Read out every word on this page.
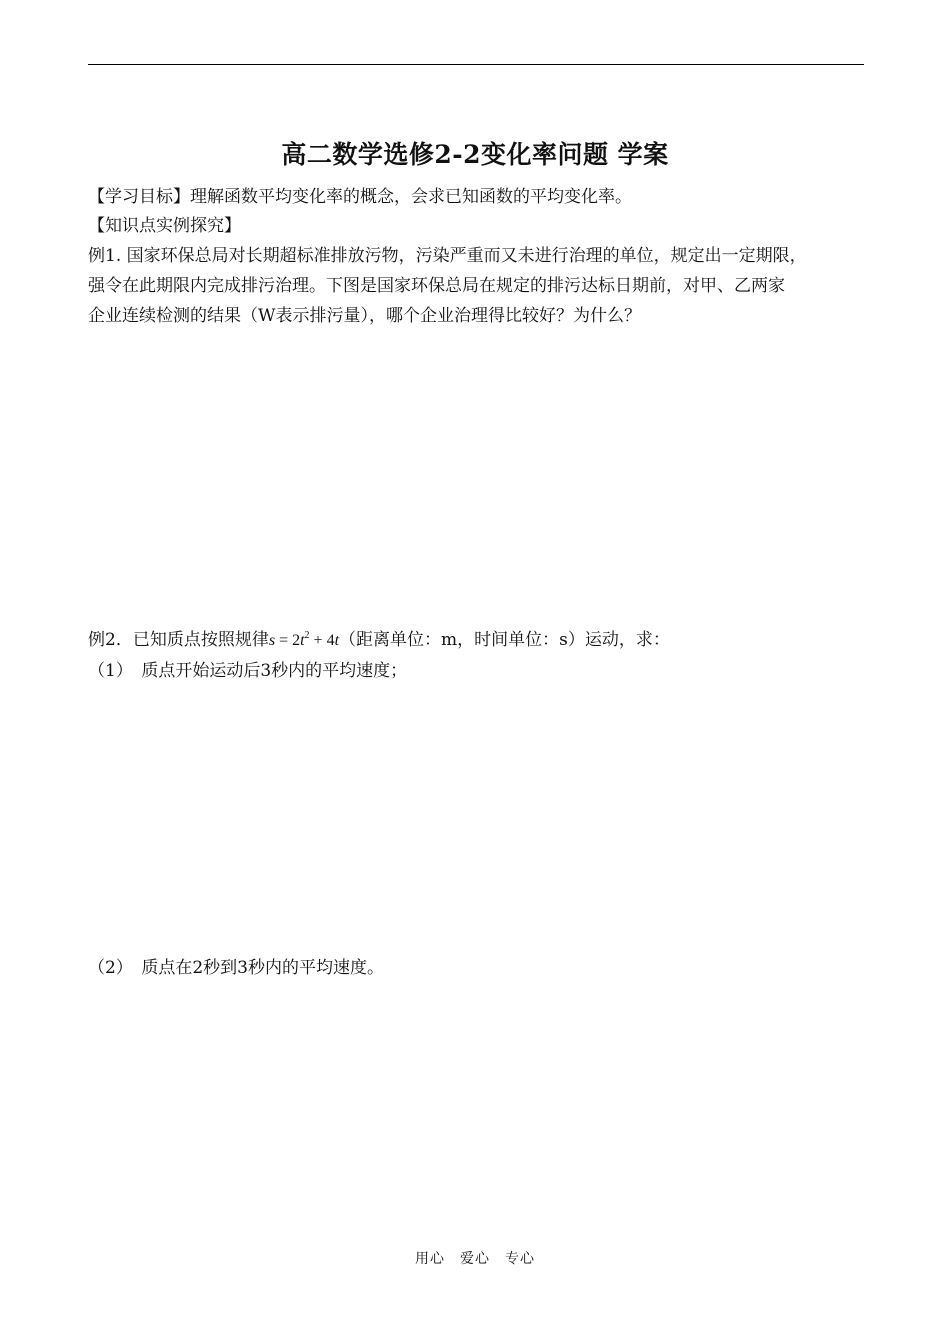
高二数学选修2-2变化率问题 学案
【学习目标】理解函数平均变化率的概念，会求已知函数的平均变化率。
【知识点实例探究】
例1. 国家环保总局对长期超标准排放污物，污染严重而又未进行治理的单位，规定出一定期限，
强令在此期限内完成排污治理。下图是国家环保总局在规定的排污达标日期前，对甲、乙两家
企业连续检测的结果（W表示排污量），哪个企业治理得比较好？为什么？
例2．已知质点按照规律$s = 2t^2 + 4t$（距离单位：m，时间单位：s）运动，求：
（1）　质点开始运动后3秒内的平均速度；
（2）　质点在2秒到3秒内的平均速度。
用心　爱心　专心
